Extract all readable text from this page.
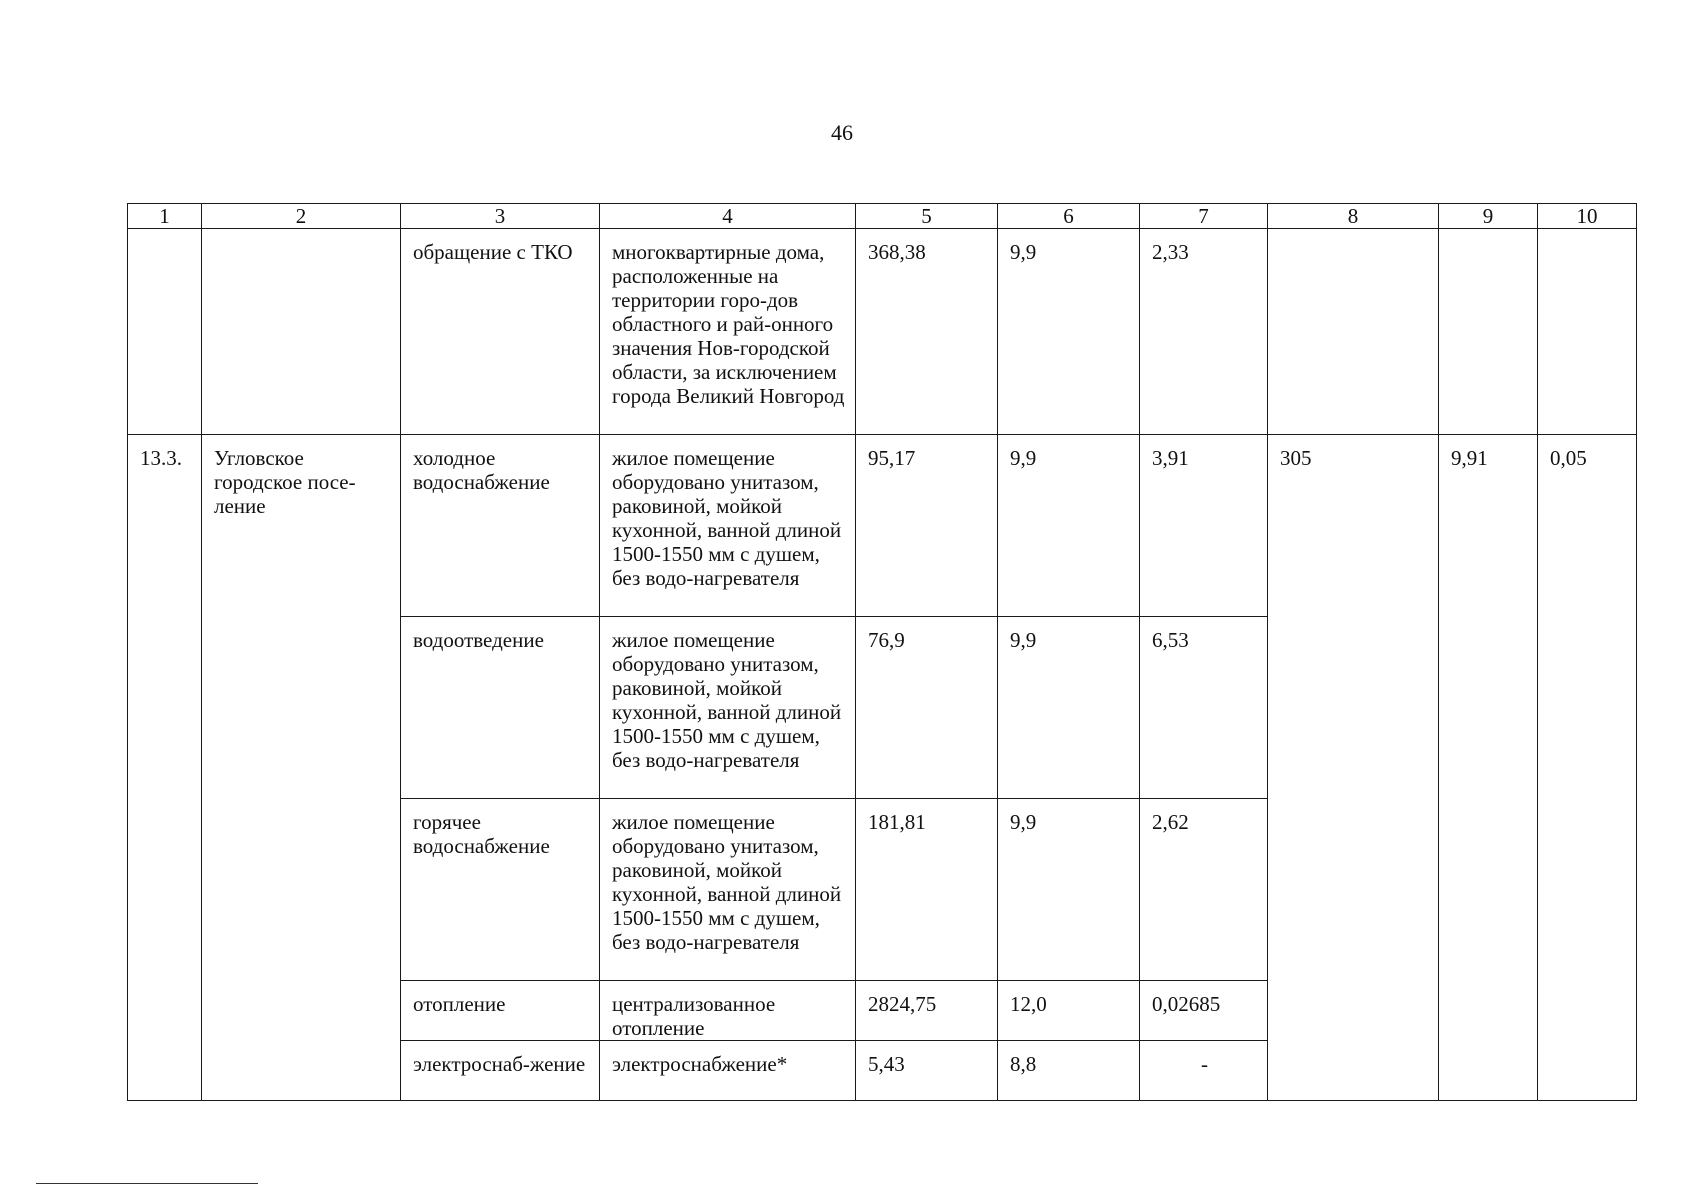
46
1	2	3	4	5	6	7	8	9	10
		обращение с ТКО	многоквартирные дома, расположенные на территории горо-дов областного и рай-онного значения Нов-городской области, за исключением города Великий Новгород	368,38	9,9	2,33			
13.3.	Угловское городское посе-ление	холодное водоснабжение	жилое помещение оборудовано унитазом, раковиной, мойкой кухонной, ванной длиной 1500-1550 мм с душем, без водо-нагревателя	95,17	9,9	3,91	305	9,91	0,05
		водоотведение	жилое помещение оборудовано унитазом, раковиной, мойкой кухонной, ванной длиной 1500-1550 мм с душем, без водо-нагревателя	76,9	9,9	6,53			
		горячее водоснабжение	жилое помещение оборудовано унитазом, раковиной, мойкой кухонной, ванной длиной 1500-1550 мм с душем, без водо-нагревателя	181,81	9,9	2,62			
		отопление	централизованное отопление	2824,75	12,0	0,02685			
		электроснаб-жение	электроснабжение*	5,43	8,8	-			
